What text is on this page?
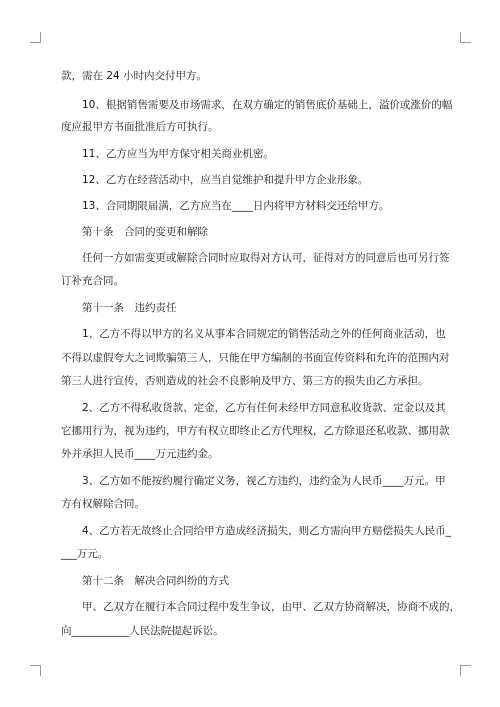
款，需在 24 小时内交付甲方。
10、根据销售需要及市场需求，在双方确定的销售底价基础上，溢价或涨价的幅
度应报甲方书面批准后方可执行。
11、乙方应当为甲方保守相关商业机密。
12、乙方在经营活动中，应当自觉维护和提升甲方企业形象。
13、合同期限届满，乙方应当在____日内将甲方材料交还给甲方。
第十条　合同的变更和解除
任何一方如需变更或解除合同时应取得对方认可，征得对方的同意后也可另行签
订补充合同。
第十一条　违约责任
1、乙方不得以甲方的名义从事本合同规定的销售活动之外的任何商业活动，也
不得以虚假夸大之词欺骗第三人，只能在甲方编制的书面宣传资料和允许的范围内对
第三人进行宣传，否则造成的社会不良影响及甲方、第三方的损失由乙方承担。
2、乙方不得私收货款、定金，乙方有任何未经甲方同意私收货款、定金以及其
它挪用行为，视为违约，甲方有权立即终止乙方代理权，乙方除退还私收款、挪用款
外并承担人民币____万元违约金。
3、乙方如不能按约履行确定义务，视乙方违约，违约金为人民币____万元。甲
方有权解除合同。
4、乙方若无故终止合同给甲方造成经济损失，则乙方需向甲方赔偿损失人民币_
___万元。
第十二条　解决合同纠纷的方式
甲、乙双方在履行本合同过程中发生争议，由甲、乙双方协商解决，协商不成的，
向___________人民法院提起诉讼。
